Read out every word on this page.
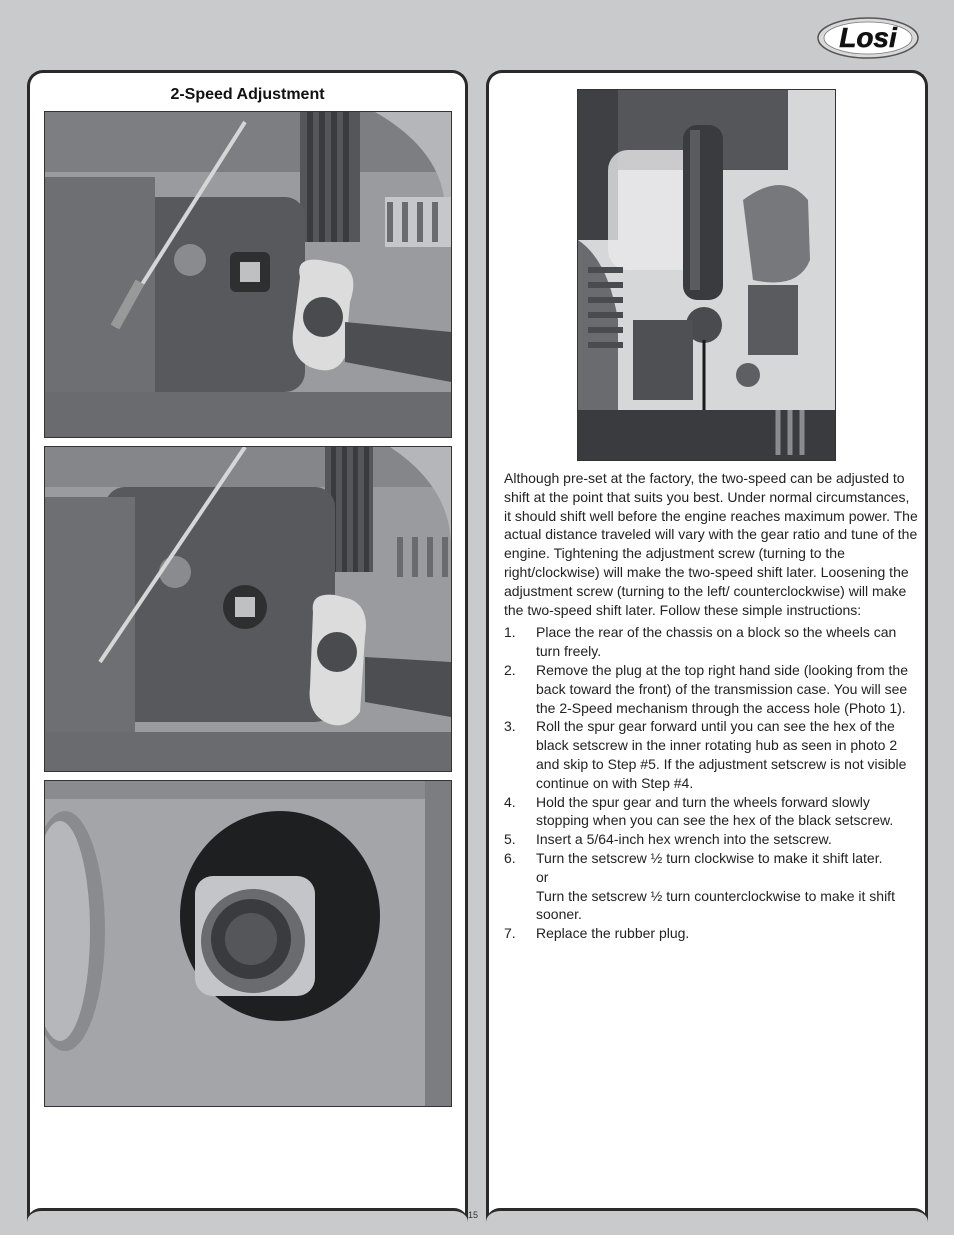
Losi
15
2-Speed Adjustment

Although pre-set at the factory, the two-speed can be adjusted to shift at the point that suits you best. Under normal circumstances, it should shift well before the engine reaches maximum power. The actual distance traveled will vary with the gear ratio and tune of the engine. Tightening the adjustment screw (turning to the right/clockwise) will make the two-speed shift later. Loosening the adjustment screw (turning to the left/ counterclockwise) will make the two-speed shift later. Follow these simple instructions:

1. Place the rear of the chassis on a block so the wheels can turn freely.
2. Remove the plug at the top right hand side (looking from the back toward the front) of the transmission case. You will see the 2-Speed mechanism through the access hole (Photo 1).
3. Roll the spur gear forward until you can see the hex of the black setscrew in the inner rotating hub as seen in photo 2 and skip to Step #5. If the adjustment setscrew is not visible continue on with Step #4.
4. Hold the spur gear and turn the wheels forward slowly stopping when you can see the hex of the black setscrew.
5. Insert a 5/64-inch hex wrench into the setscrew.
6. Turn the setscrew ½ turn clockwise to make it shift later.
or
Turn the setscrew ½ turn counterclockwise to make it shift sooner.
7. Replace the rubber plug.
